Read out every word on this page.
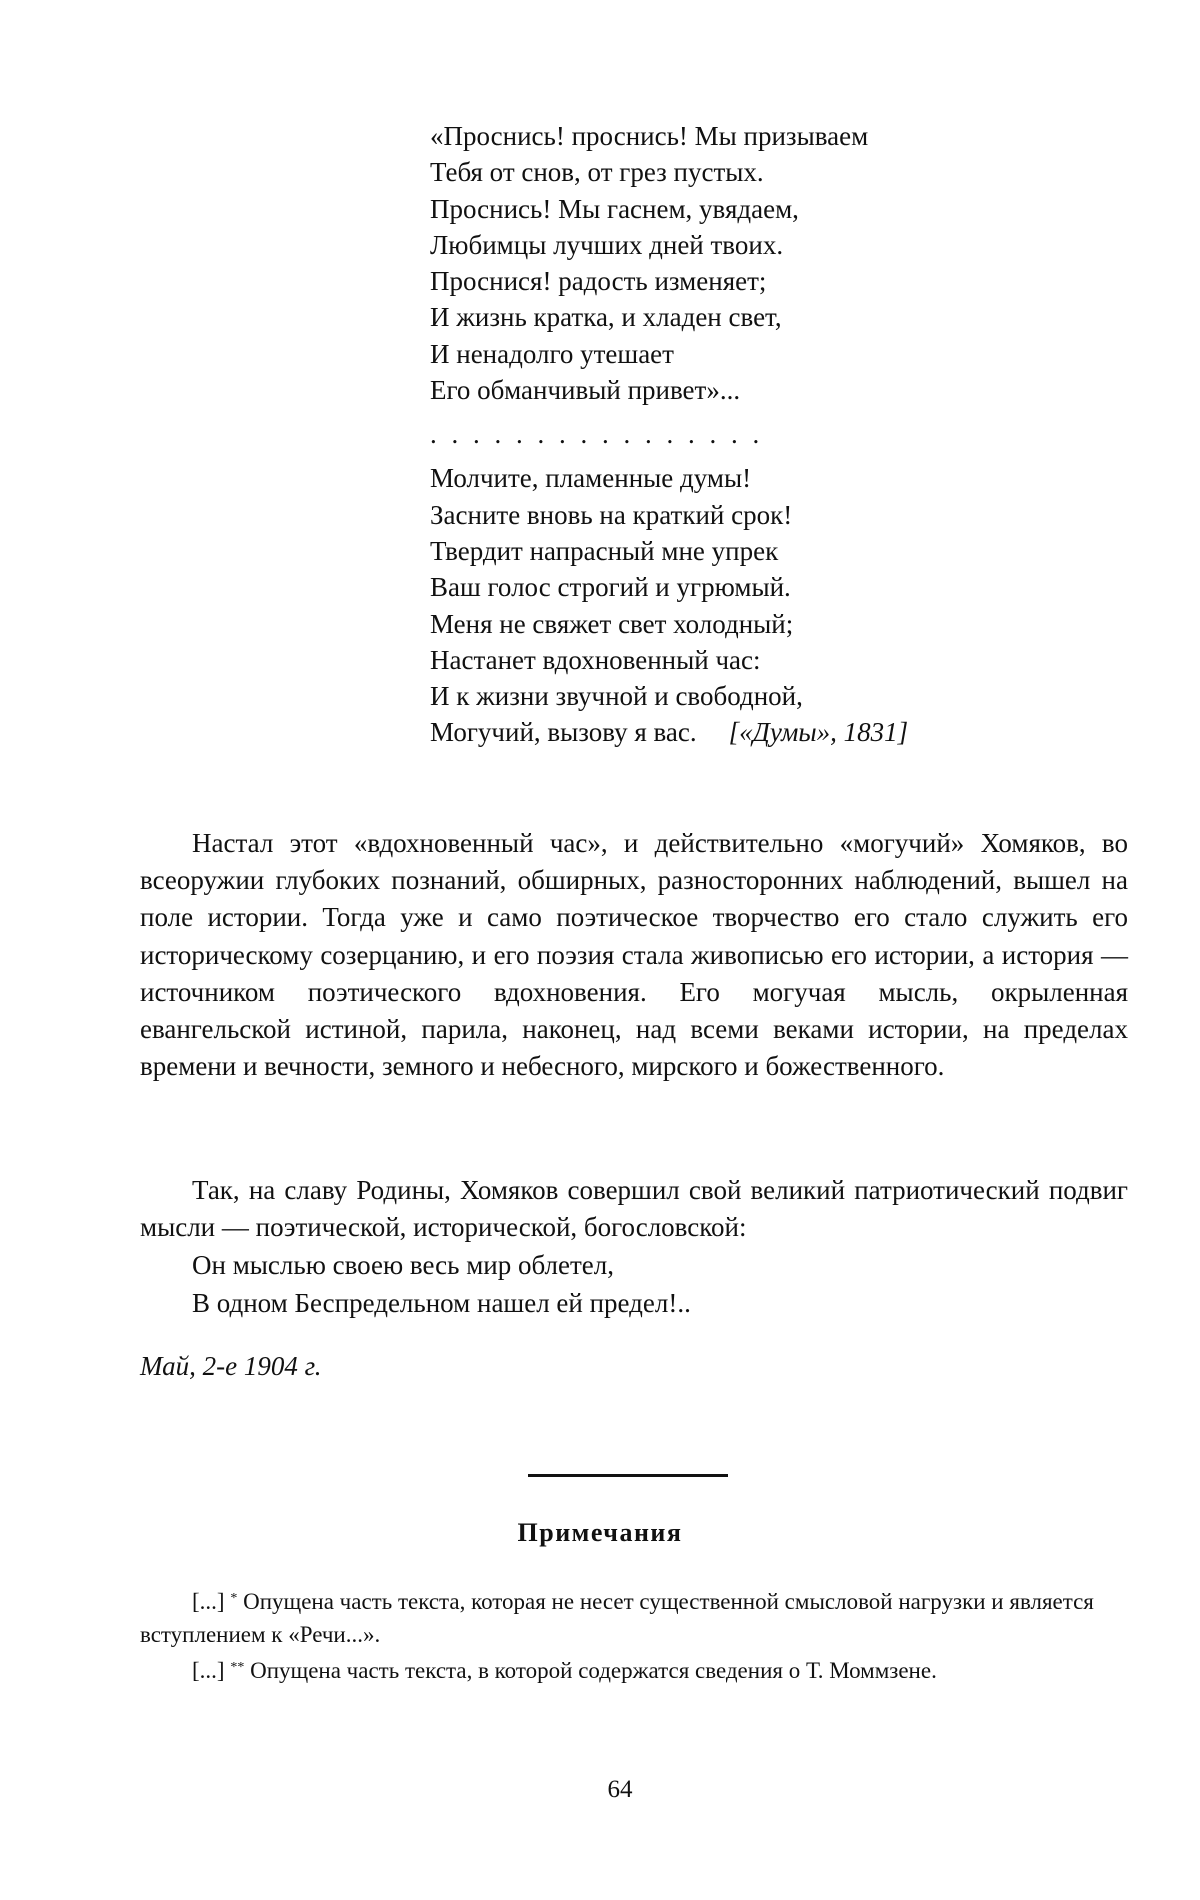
«Проснись! проснись! Мы призываем
Тебя от снов, от грез пустых.
Проснись! Мы гаснем, увядаем,
Любимцы лучших дней твоих.
Проснися! радость изменяет;
И жизнь кратка, и хладен свет,
И ненадолго утешает
Его обманчивый привет»...
. . . . . . . . . . . . . . . .
Молчите, пламенные думы!
Засните вновь на краткий срок!
Твердит напрасный мне упрек
Ваш голос строгий и угрюмый.
Меня не свяжет свет холодный;
Настанет вдохновенный час:
И к жизни звучной и свободной,
Могучий, вызову я вас. [«Думы», 1831]

Настал этот «вдохновенный час», и действительно «могучий» Хомяков, во всеоружии глубоких познаний, обширных, разносторонних наблюдений, вышел на поле истории. Тогда уже и само поэтическое творчество его стало служить его историческому созерцанию, и его поэзия стала живописью его истории, а история — источником поэтического вдохновения. Его могучая мысль, окрыленная евангельской истиной, парила, наконец, над всеми веками истории, на пределах времени и вечности, земного и небесного, мирского и божественного.

Так, на славу Родины, Хомяков совершил свой великий патриотический подвиг мысли — поэтической, исторической, богословской:

Он мыслью своею весь мир облетел,
В одном Беспредельном нашел ей предел!..
Май, 2-е 1904 г.
Примечания

[...] * Опущена часть текста, которая не несет существенной смысловой нагрузки и является вступлением к «Речи...».

[...] ** Опущена часть текста, в которой содержатся сведения о Т. Моммзене.

64
